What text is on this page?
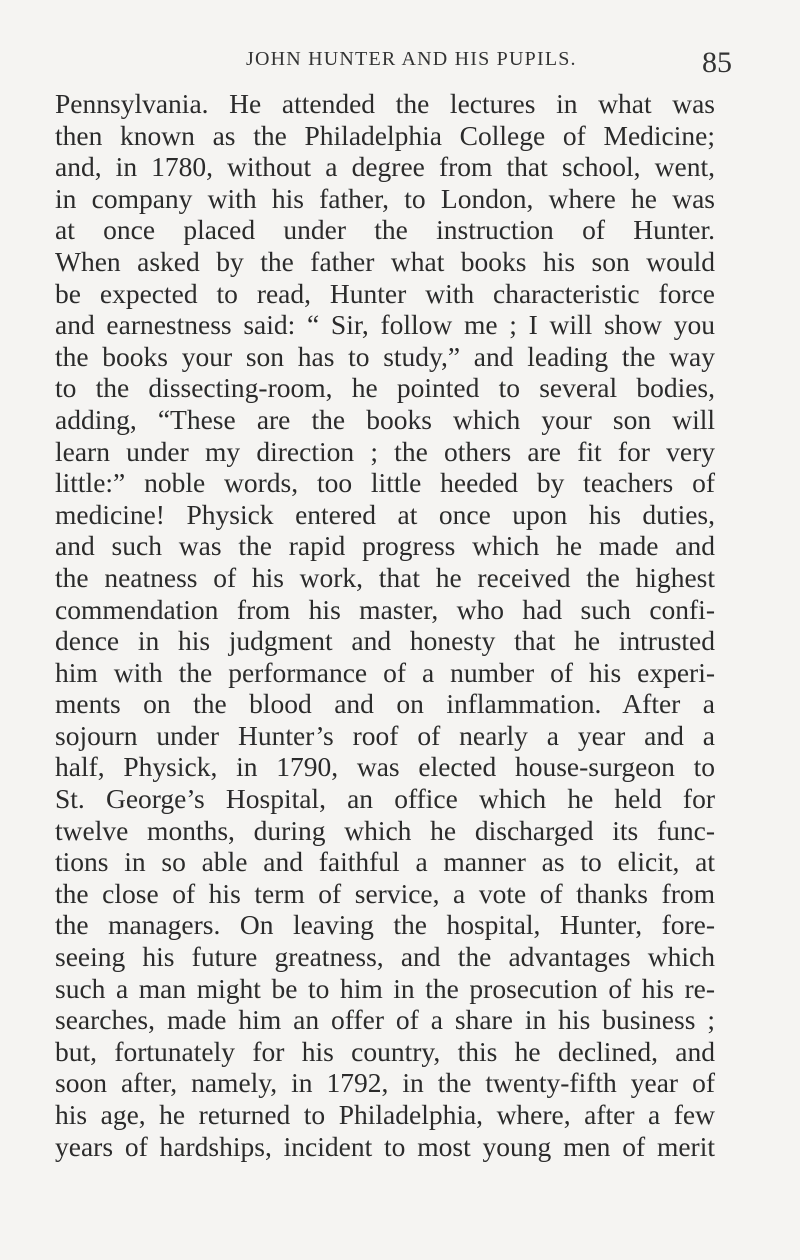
JOHN HUNTER AND HIS PUPILS.	85
Pennsylvania. He attended the lectures in what was
then known as the Philadelphia College of Medicine;
and, in 1780, without a degree from that school, went,
in company with his father, to London, where he was
at once placed under the instruction of Hunter.
When asked by the father what books his son would
be expected to read, Hunter with characteristic force
and earnestness said: “ Sir, follow me ; I will show you
the books your son has to study,” and leading the way
to the dissecting-room, he pointed to several bodies,
adding, “These are the books which your son will
learn under my direction ; the others are fit for very
little:” noble words, too little heeded by teachers of
medicine! Physick entered at once upon his duties,
and such was the rapid progress which he made and
the neatness of his work, that he received the highest
commendation from his master, who had such confi-
dence in his judgment and honesty that he intrusted
him with the performance of a number of his experi-
ments on the blood and on inflammation. After a
sojourn under Hunter’s roof of nearly a year and a
half, Physick, in 1790, was elected house-surgeon to
St. George’s Hospital, an office which he held for
twelve months, during which he discharged its func-
tions in so able and faithful a manner as to elicit, at
the close of his term of service, a vote of thanks from
the managers. On leaving the hospital, Hunter, fore-
seeing his future greatness, and the advantages which
such a man might be to him in the prosecution of his re-
searches, made him an offer of a share in his business ;
but, fortunately for his country, this he declined, and
soon after, namely, in 1792, in the twenty-fifth year of
his age, he returned to Philadelphia, where, after a few
years of hardships, incident to most young men of merit
